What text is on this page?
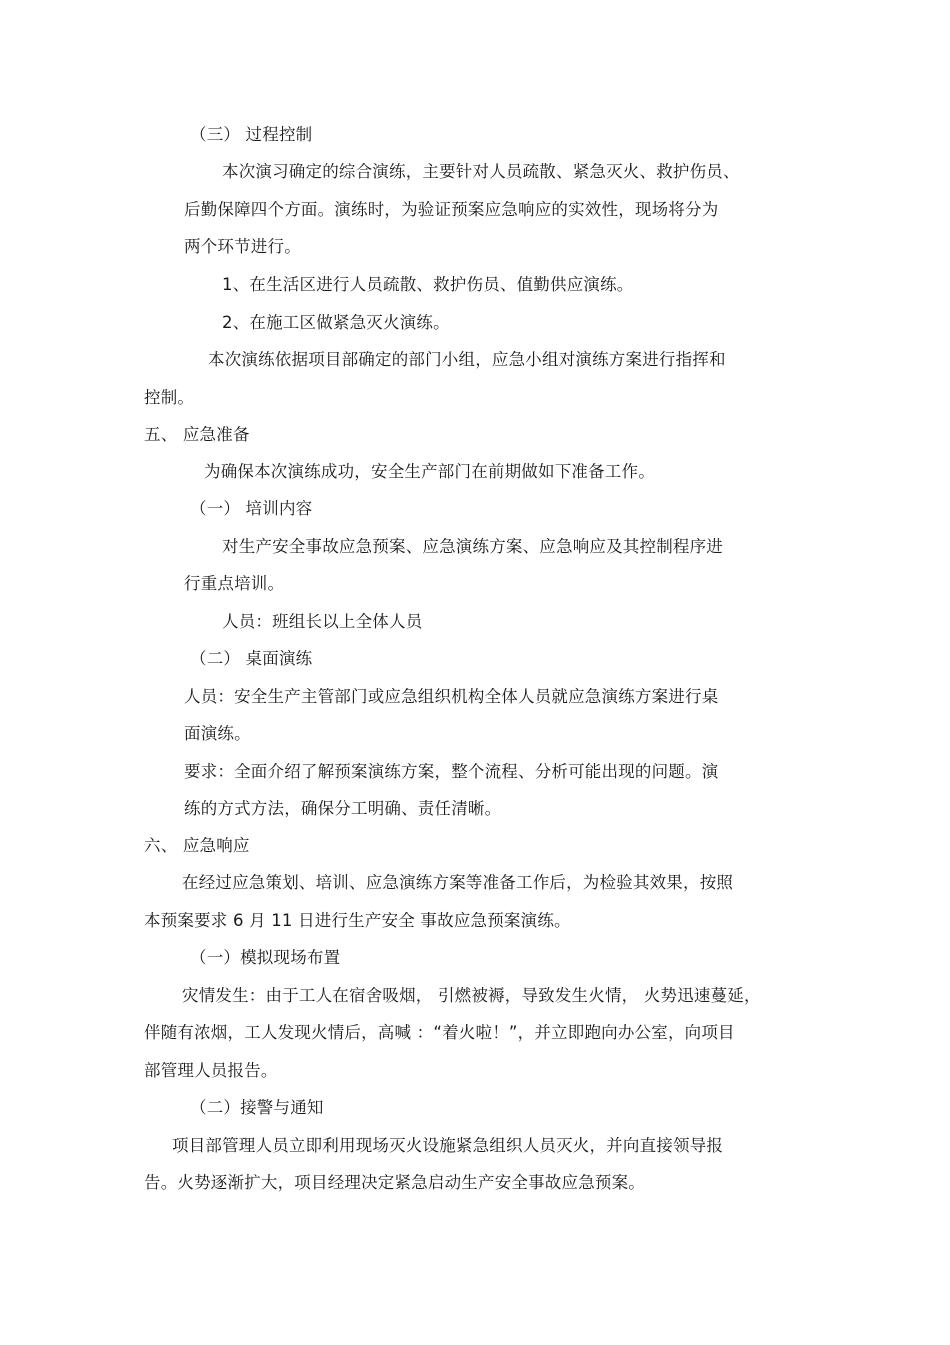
（三） 过程控制
本次演习确定的综合演练，主要针对人员疏散、紧急灭火、救护伤员、
后勤保障四个方面。演练时，为验证预案应急响应的实效性，现场将分为
两个环节进行。
1、在生活区进行人员疏散、救护伤员、值勤供应演练。
2、在施工区做紧急灭火演练。
本次演练依据项目部确定的部门小组，应急小组对演练方案进行指挥和
控制。
五、 应急准备
为确保本次演练成功，安全生产部门在前期做如下准备工作。
（一） 培训内容
对生产安全事故应急预案、应急演练方案、应急响应及其控制程序进
行重点培训。
人员：班组长以上全体人员
（二） 桌面演练
人员：安全生产主管部门或应急组织机构全体人员就应急演练方案进行桌
面演练。
要求：全面介绍了解预案演练方案，整个流程、分析可能出现的问题。演
练的方式方法，确保分工明确、责任清晰。
六、 应急响应
在经过应急策划、培训、应急演练方案等准备工作后，为检验其效果，按照
本预案要求 6 月 11 日进行生产安全 事故应急预案演练。
（一）模拟现场布置
灾情发生：由于工人在宿舍吸烟， 引燃被褥，导致发生火情， 火势迅速蔓延，
伴随有浓烟，工人发现火情后，高喊 ：“着火啦！”，并立即跑向办公室，向项目
部管理人员报告。
（二）接警与通知
项目部管理人员立即利用现场灭火设施紧急组织人员灭火，并向直接领导报
告。火势逐渐扩大，项目经理决定紧急启动生产安全事故应急预案。
